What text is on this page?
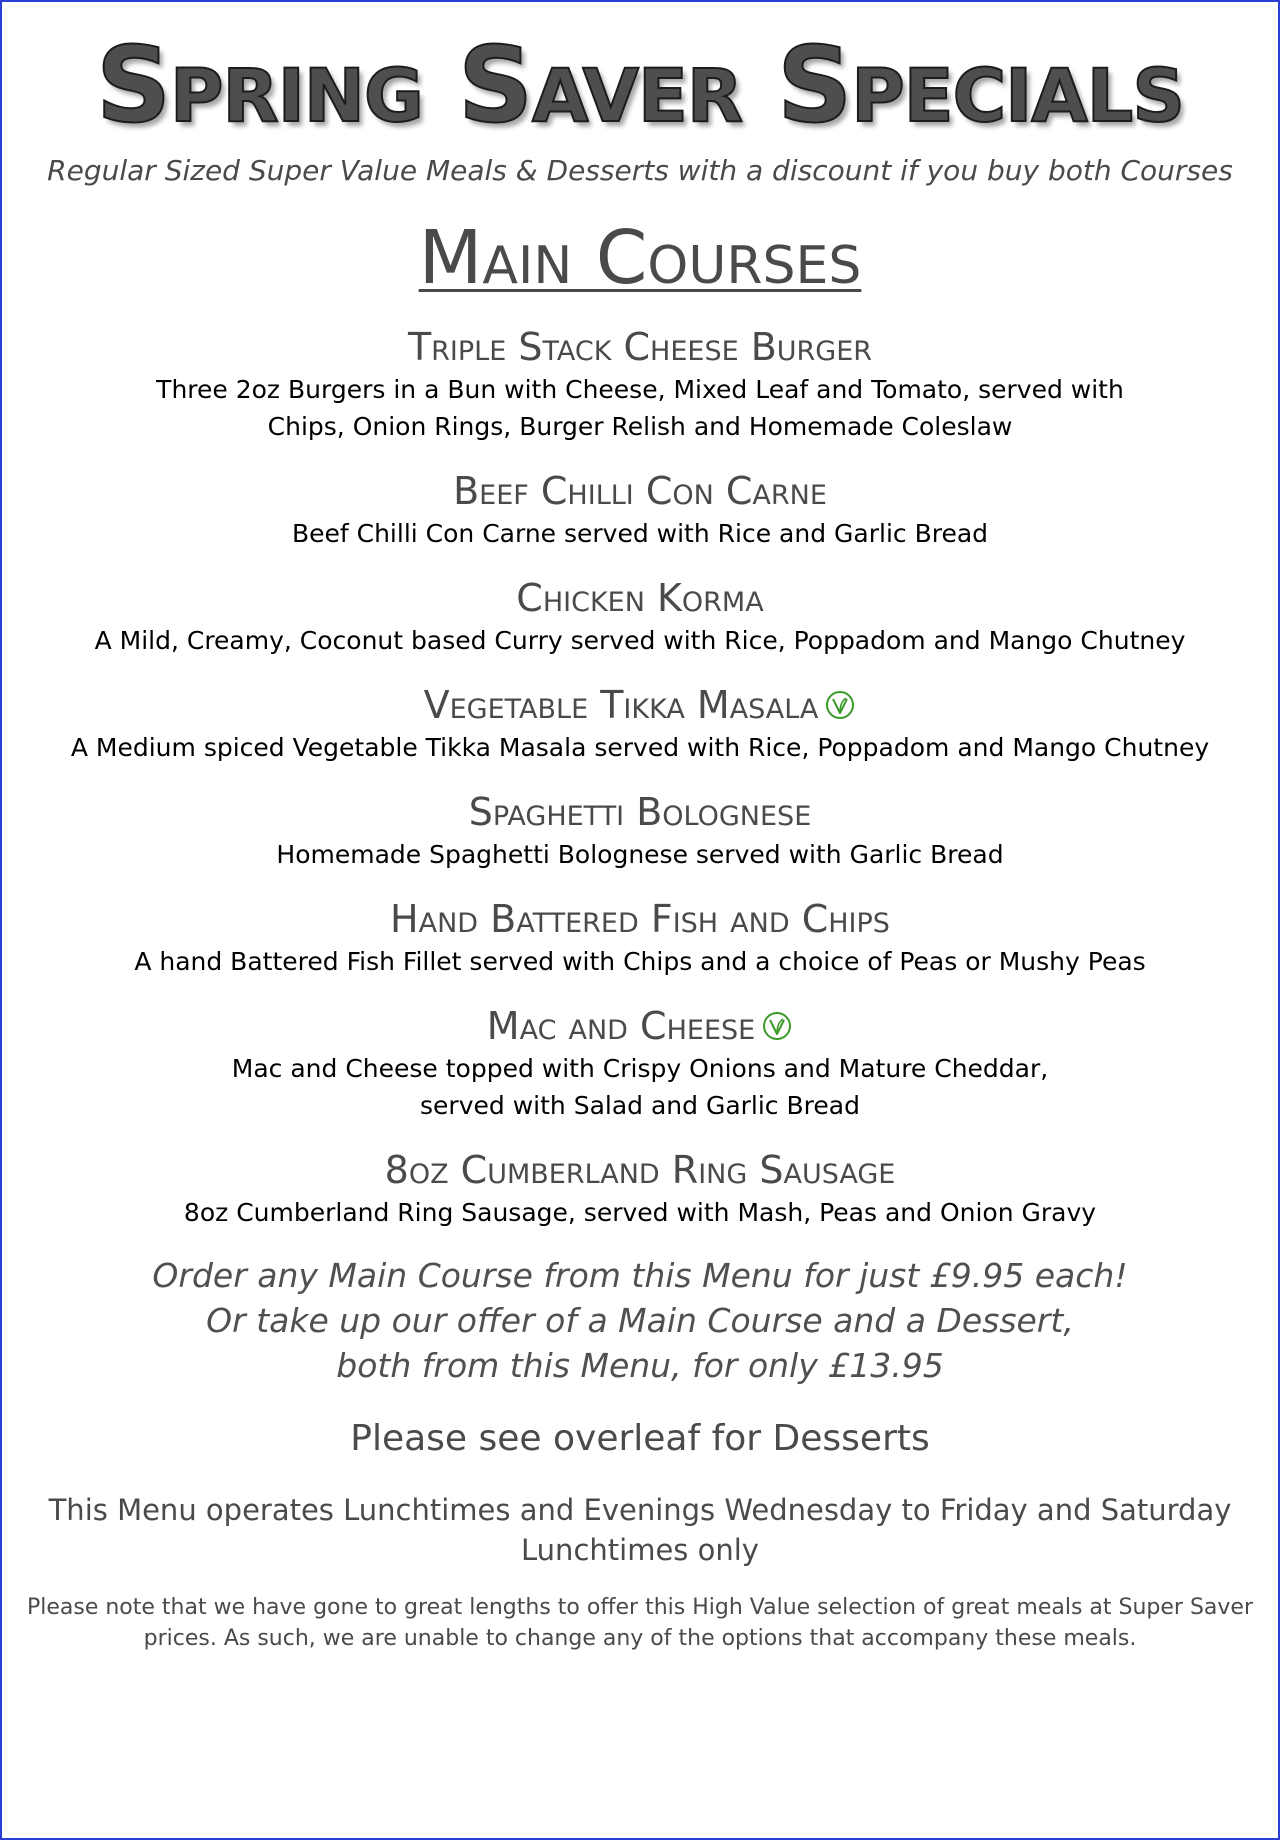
Spring Saver Specials
Regular Sized Super Value Meals & Desserts with a discount if you buy both Courses
Main Courses
Triple Stack Cheese Burger
Three 2oz Burgers in a Bun with Cheese, Mixed Leaf and Tomato, served with
Chips, Onion Rings, Burger Relish and Homemade Coleslaw
Beef Chilli Con Carne
Beef Chilli Con Carne served with Rice and Garlic Bread
Chicken Korma
A Mild, Creamy, Coconut based Curry served with Rice, Poppadom and Mango Chutney
Vegetable Tikka Masala
A Medium spiced Vegetable Tikka Masala served with Rice, Poppadom and Mango Chutney
Spaghetti Bolognese
Homemade Spaghetti Bolognese served with Garlic Bread
Hand Battered Fish and Chips
A hand Battered Fish Fillet served with Chips and a choice of Peas or Mushy Peas
Mac and Cheese
Mac and Cheese topped with Crispy Onions and Mature Cheddar,
served with Salad and Garlic Bread
8oz Cumberland Ring Sausage
8oz Cumberland Ring Sausage, served with Mash, Peas and Onion Gravy
Order any Main Course from this Menu for just £9.95 each!
Or take up our offer of a Main Course and a Dessert,
both from this Menu, for only £13.95
Please see overleaf for Desserts
This Menu operates Lunchtimes and Evenings Wednesday to Friday and Saturday
Lunchtimes only
Please note that we have gone to great lengths to offer this High Value selection of great meals at Super Saver
prices. As such, we are unable to change any of the options that accompany these meals.
